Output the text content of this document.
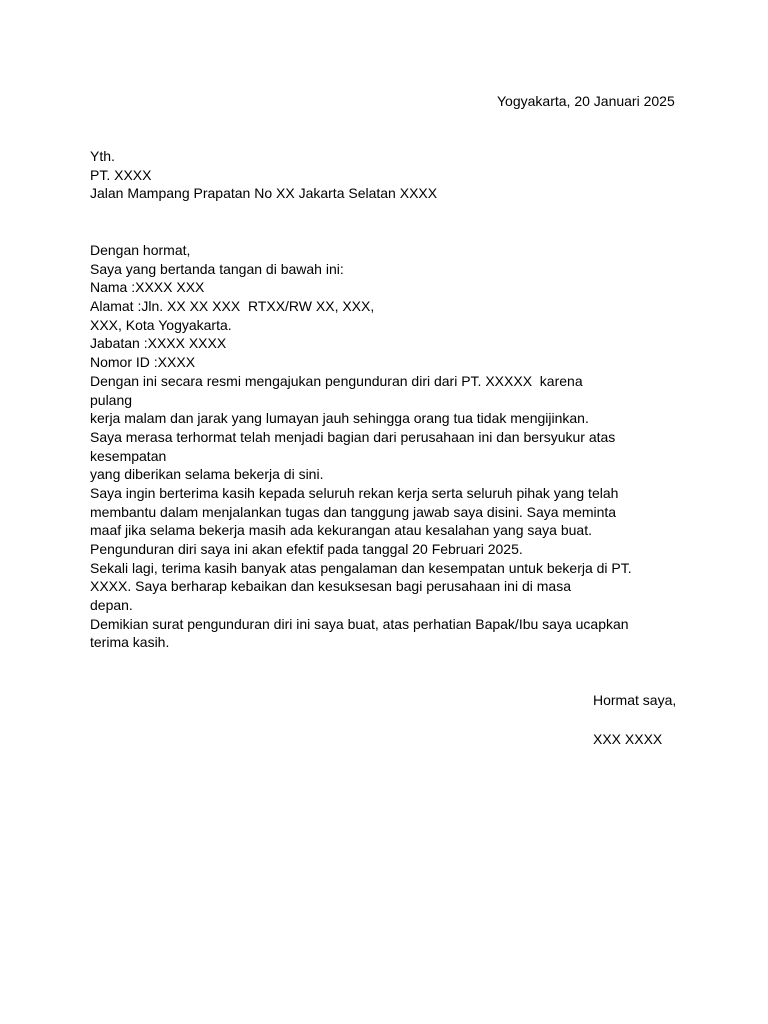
Yogyakarta, 20 Januari 2025
Yth.
PT. XXXX
Jalan Mampang Prapatan No XX Jakarta Selatan XXXX
Dengan hormat,
Saya yang bertanda tangan di bawah ini:
Nama :XXXX XXX
Alamat :Jln. XX XX XXX  RTXX/RW XX, XXX,
XXX, Kota Yogyakarta.
Jabatan :XXXX XXXX
Nomor ID :XXXX
Dengan ini secara resmi mengajukan pengunduran diri dari PT. XXXXX  karena
pulang
kerja malam dan jarak yang lumayan jauh sehingga orang tua tidak mengijinkan.
Saya merasa terhormat telah menjadi bagian dari perusahaan ini dan bersyukur atas
kesempatan
yang diberikan selama bekerja di sini.
Saya ingin berterima kasih kepada seluruh rekan kerja serta seluruh pihak yang telah
membantu dalam menjalankan tugas dan tanggung jawab saya disini. Saya meminta
maaf jika selama bekerja masih ada kekurangan atau kesalahan yang saya buat.
Pengunduran diri saya ini akan efektif pada tanggal 20 Februari 2025.
Sekali lagi, terima kasih banyak atas pengalaman dan kesempatan untuk bekerja di PT.
XXXX. Saya berharap kebaikan dan kesuksesan bagi perusahaan ini di masa
depan.
Demikian surat pengunduran diri ini saya buat, atas perhatian Bapak/Ibu saya ucapkan
terima kasih.
Hormat saya,
XXX XXXX
